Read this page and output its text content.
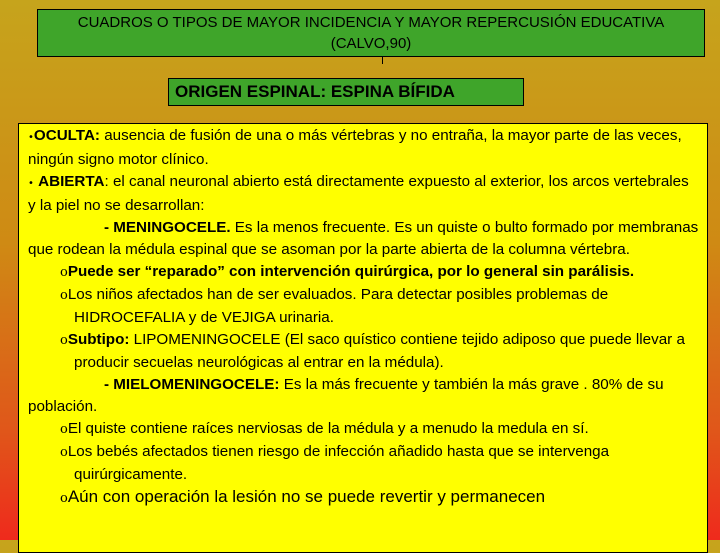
CUADROS O TIPOS DE MAYOR INCIDENCIA Y MAYOR REPERCUSIÓN EDUCATIVA
(CALVO,90)
ORIGEN ESPINAL: ESPINA BÍFIDA

•OCULTA: ausencia de fusión de una o más vértebras y no entraña, la mayor parte de las veces, ningún signo motor clínico.

• ABIERTA: el canal neuronal abierto está directamente expuesto al exterior, los arcos vertebrales y la piel no se desarrollan:

- MENINGOCELE. Es la menos frecuente. Es un quiste o bulto formado por membranas que rodean la médula espinal que se asoman por la parte abierta de la columna vértebra.

oPuede ser “reparado” con intervención quirúrgica, por lo general sin parálisis.

oLos niños afectados han de ser evaluados. Para detectar posibles problemas de HIDROCEFALIA y de VEJIGA urinaria.

oSubtipo: LIPOMENINGOCELE (El saco quístico contiene tejido adiposo que puede llevar a producir secuelas neurológicas al entrar en la médula).

- MIELOMENINGOCELE: Es la más frecuente y también la más grave . 80% de su población.

oEl quiste contiene raíces nerviosas de la médula y a menudo la medula en sí.

oLos bebés afectados tienen riesgo de infección añadido hasta que se intervenga quirúrgicamente.

oAún con operación la lesión no se puede revertir y permanecen
